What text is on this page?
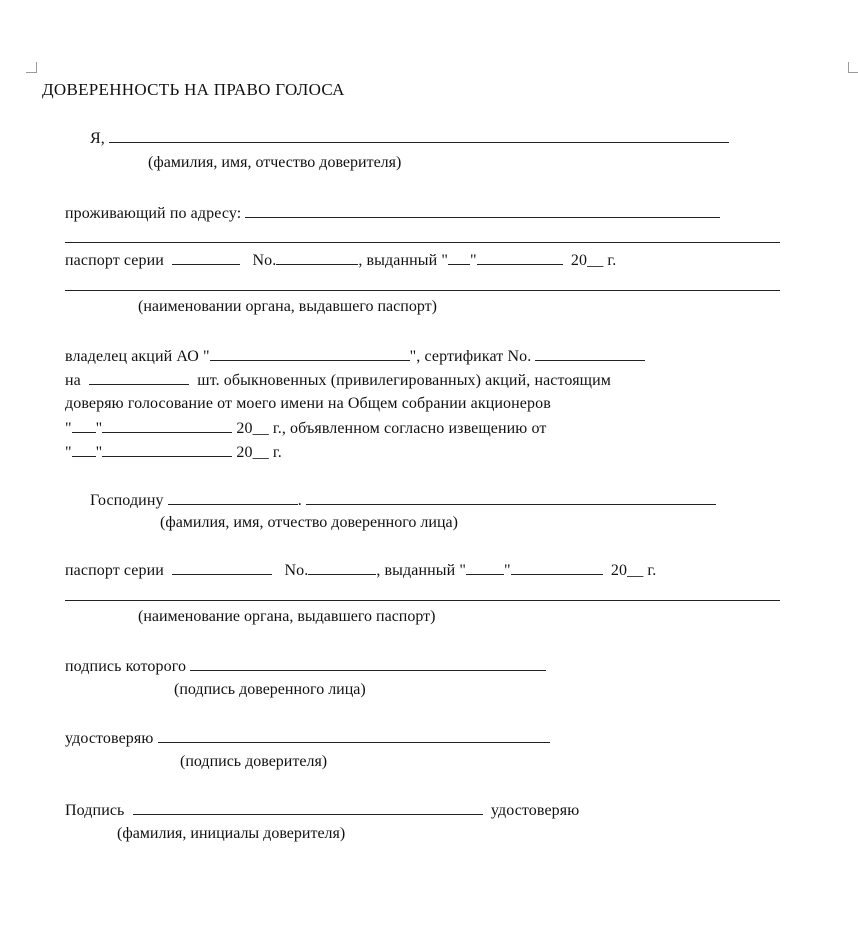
ДОВЕРЕННОСТЬ НА ПРАВО ГОЛОСА
Я,
(фамилия, имя, отчество доверителя)
проживающий по адресу:
паспорт серии	No.	, выданный " "	20__ г.
(наименовании органа, выдавшего паспорт)
владелец акций АО "	", сертификат No.
на	шт. обыкновенных (привилегированных) акций, настоящим
доверяю голосование от моего имени на Общем собрании акционеров
" "	20__ г., объявленном согласно извещению от
" "	20__ г.
Господину	.
(фамилия, имя, отчество доверенного лица)
паспорт серии	No.	, выданный " "	20__ г.
(наименование органа, выдавшего паспорт)
подпись которого
(подпись доверенного лица)
удостоверяю
(подпись доверителя)
Подпись	удостоверяю
(фамилия, инициалы доверителя)
